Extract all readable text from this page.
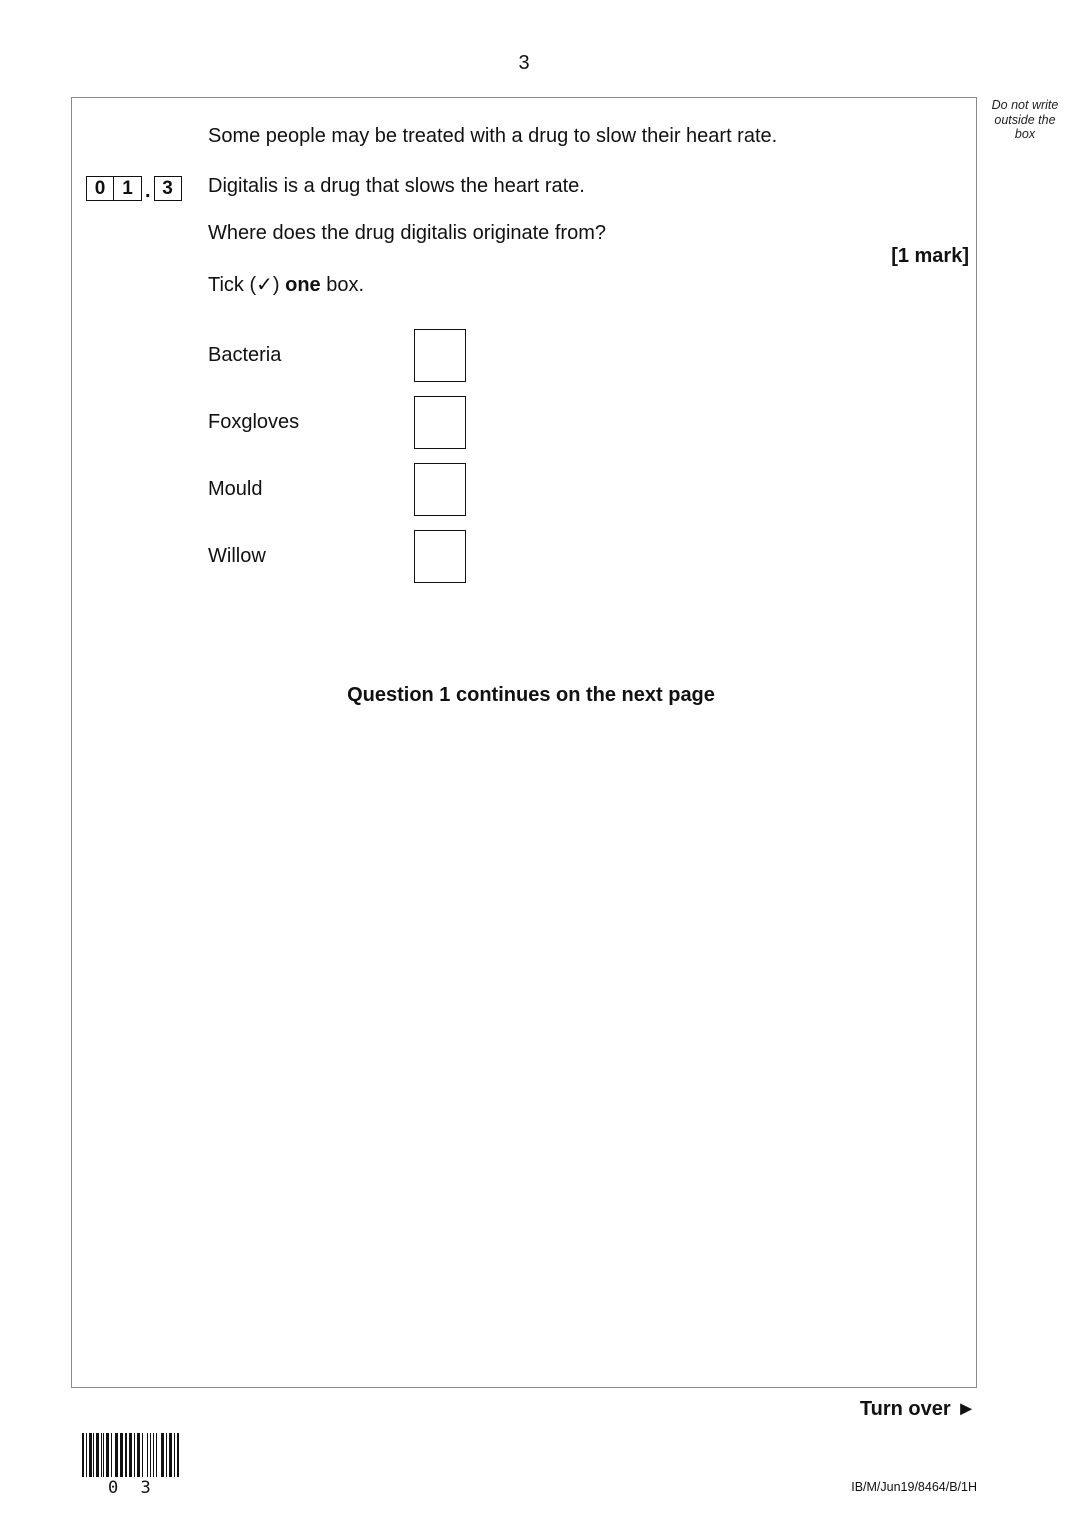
3
Do not write outside the box
Some people may be treated with a drug to slow their heart rate.
0 1 . 3	Digitalis is a drug that slows the heart rate.
Where does the drug digitalis originate from?
[1 mark]
Tick (✓) one box.
Bacteria
Foxgloves
Mould
Willow
Question 1 continues on the next page
Turn over ►
0 3	IB/M/Jun19/8464/B/1H
